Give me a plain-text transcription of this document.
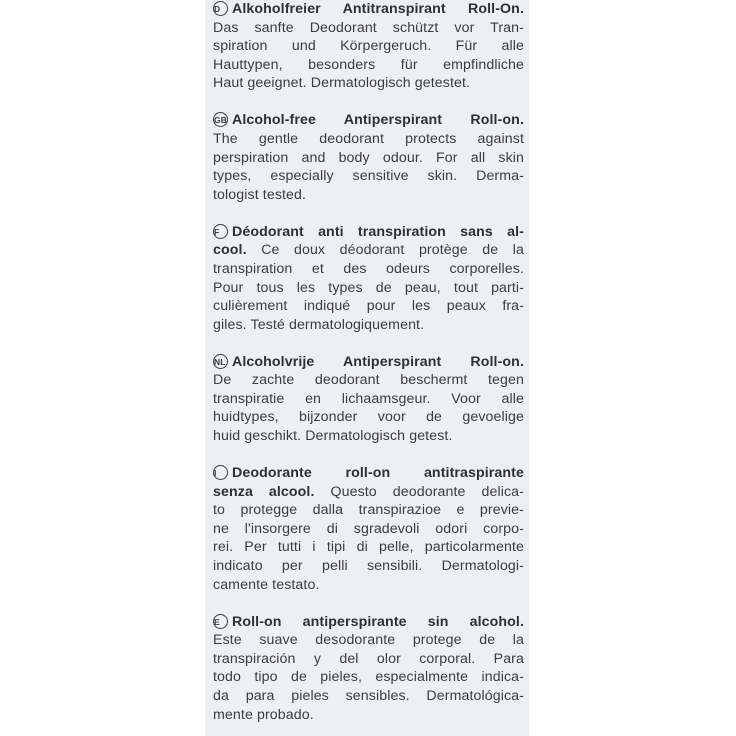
D Alkoholfreier Antitranspirant Roll-On.
Das sanfte Deodorant schützt vor Tran-
spiration und Körpergeruch. Für alle
Hauttypen, besonders für empfindliche
Haut geeignet. Dermatologisch getestet.
GB Alcohol-free Antiperspirant Roll-on.
The gentle deodorant protects against
perspiration and body odour. For all skin
types, especially sensitive skin. Derma-
tologist tested.
F Déodorant anti transpiration sans al-
cool. Ce doux déodorant protège de la
transpiration et des odeurs corporelles.
Pour tous les types de peau, tout parti-
culièrement indiqué pour les peaux fra-
giles. Testé dermatologiquement.
NL Alcoholvrije Antiperspirant Roll-on.
De zachte deodorant beschermt tegen
transpiratie en lichaamsgeur. Voor alle
huidtypes, bijzonder voor de gevoelige
huid geschikt. Dermatologisch getest.
I Deodorante roll-on antitraspirante
senza alcool. Questo deodorante delica-
to protegge dalla transpirazioe e previe-
ne l'insorgere di sgradevoli odori corpo-
rei. Per tutti i tipi di pelle, particolarmente
indicato per pelli sensibili. Dermatologi-
camente testato.
E Roll-on antiperspirante sin alcohol.
Este suave desodorante protege de la
transpiración y del olor corporal. Para
todo tipo de pieles, especialmente indica-
da para pieles sensibles. Dermatológica-
mente probado.
